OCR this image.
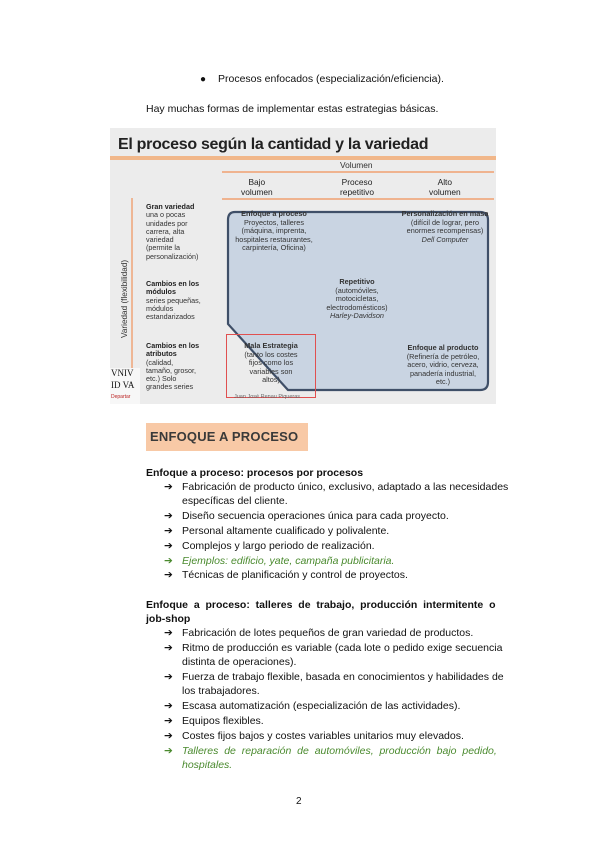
● Procesos enfocados (especialización/eficiencia).
Hay muchas formas de implementar estas estrategias básicas.
El proceso según la cantidad y la variedad
Volumen
Bajo
volumen
Proceso
repetitivo
Alto
volumen
Variedad (flexibilidad)
Gran variedad
una o pocas
unidades por
carrera, alta
variedad
(permite la
personalización)
Cambios en los
módulos
series pequeñas,
módulos
estandarizados
Cambios en los
atributos
(calidad,
tamaño, grosor,
etc.) Solo
grandes series
Enfoque a proceso
Proyectos, talleres
(máquina, imprenta,
hospitales restaurantes,
carpintería, Oficina)
Personalización en masa
(difícil de lograr, pero
enormes recompensas)
Dell Computer
Repetitivo
(automóviles,
motocicletas,
electrodomésticos)
Harley-Davidson
Mala Estrategia
(tanto los costes
fijos como los
variables son
altos)
Enfoque al producto
(Refinería de petróleo,
acero, vidrio, cerveza,
panadería industrial,
etc.)
Juan José Renau Piqueras
VNIV
ID VA
Departar
ENFOQUE A PROCESO
Enfoque a proceso: procesos por procesos
➔ Fabricación de producto único, exclusivo, adaptado a las necesidades
específicas del cliente.
➔ Diseño secuencia operaciones única para cada proyecto.
➔ Personal altamente cualificado y polivalente.
➔ Complejos y largo periodo de realización.
➔ Ejemplos: edificio, yate, campaña publicitaria.
➔ Técnicas de planificación y control de proyectos.
Enfoque  a  proceso:  talleres  de  trabajo,  producción  intermitente  o
job-shop
➔ Fabricación de lotes pequeños de gran variedad de productos.
➔ Ritmo de producción es variable (cada lote o pedido exige secuencia
distinta de operaciones).
➔ Fuerza de trabajo flexible, basada en conocimientos y habilidades de
los trabajadores.
➔ Escasa automatización (especialización de las actividades).
➔ Equipos flexibles.
➔ Costes fijos bajos y costes variables unitarios muy elevados.
➔ Talleres  de  reparación  de  automóviles,  producción  bajo  pedido,
hospitales.
2
